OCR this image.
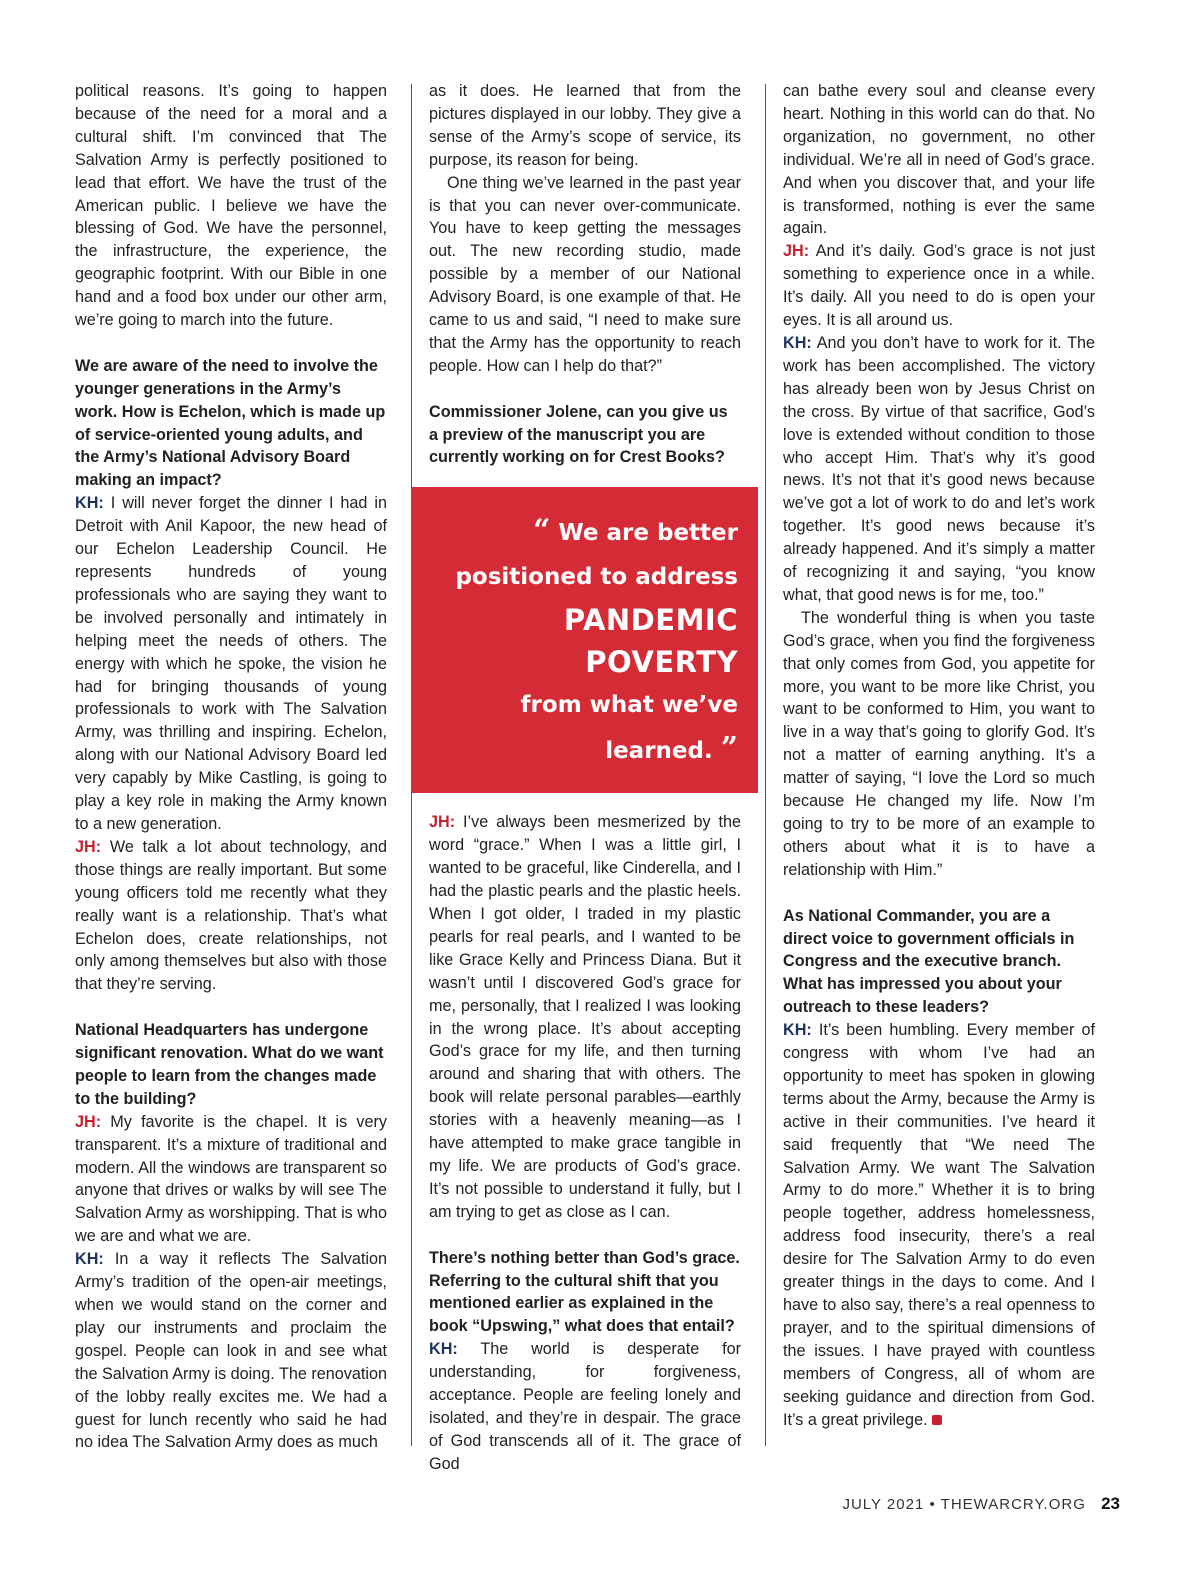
political reasons. It’s going to happen because of the need for a moral and a cultural shift. I’m convinced that The Salvation Army is perfectly positioned to lead that effort. We have the trust of the American public. I believe we have the blessing of God. We have the personnel, the infrastructure, the experience, the geographic footprint. With our Bible in one hand and a food box under our other arm, we’re going to march into the future.

We are aware of the need to involve the younger generations in the Army’s work. How is Echelon, which is made up of service-oriented young adults, and the Army’s National Advisory Board making an impact?

KH: I will never forget the dinner I had in Detroit with Anil Kapoor, the new head of our Echelon Leadership Council. He represents hundreds of young professionals who are saying they want to be involved personally and intimately in helping meet the needs of others. The energy with which he spoke, the vision he had for bringing thousands of young professionals to work with The Salvation Army, was thrilling and inspiring. Echelon, along with our National Advisory Board led very capably by Mike Castling, is going to play a key role in making the Army known to a new generation.

JH: We talk a lot about technology, and those things are really important. But some young officers told me recently what they really want is a relationship. That’s what Echelon does, create relationships, not only among themselves but also with those that they’re serving.

National Headquarters has undergone significant renovation. What do we want people to learn from the changes made to the building?

JH: My favorite is the chapel. It is very transparent. It’s a mixture of traditional and modern. All the windows are transparent so anyone that drives or walks by will see The Salvation Army as worshipping. That is who we are and what we are.

KH: In a way it reflects The Salvation Army’s tradition of the open-air meetings, when we would stand on the corner and play our instruments and proclaim the gospel. People can look in and see what the Salvation Army is doing. The renovation of the lobby really excites me. We had a guest for lunch recently who said he had no idea The Salvation Army does as much

as it does. He learned that from the pictures displayed in our lobby. They give a sense of the Army’s scope of service, its purpose, its reason for being.

One thing we’ve learned in the past year is that you can never over-communicate. You have to keep getting the messages out. The new recording studio, made possible by a member of our National Advisory Board, is one example of that. He came to us and said, “I need to make sure that the Army has the opportunity to reach people. How can I help do that?”

Commissioner Jolene, can you give us a preview of the manuscript you are currently working on for Crest Books?

“ We are better
positioned to address
PANDEMIC POVERTY
from what we’ve
learned. ”

JH: I’ve always been mesmerized by the word “grace.” When I was a little girl, I wanted to be graceful, like Cinderella, and I had the plastic pearls and the plastic heels. When I got older, I traded in my plastic pearls for real pearls, and I wanted to be like Grace Kelly and Princess Diana. But it wasn’t until I discovered God’s grace for me, personally, that I realized I was looking in the wrong place. It’s about accepting God’s grace for my life, and then turning around and sharing that with others. The book will relate personal parables—earthly stories with a heavenly meaning—as I have attempted to make grace tangible in my life. We are products of God’s grace. It’s not possible to understand it fully, but I am trying to get as close as I can.

There’s nothing better than God’s grace. Referring to the cultural shift that you mentioned earlier as explained in the book “Upswing,” what does that entail?

KH: The world is desperate for understanding, for forgiveness, acceptance. People are feeling lonely and isolated, and they’re in despair. The grace of God transcends all of it. The grace of God

can bathe every soul and cleanse every heart. Nothing in this world can do that. No organization, no government, no other individual. We’re all in need of God’s grace. And when you discover that, and your life is transformed, nothing is ever the same again.

JH: And it’s daily. God’s grace is not just something to experience once in a while. It’s daily. All you need to do is open your eyes. It is all around us.

KH: And you don’t have to work for it. The work has been accomplished. The victory has already been won by Jesus Christ on the cross. By virtue of that sacrifice, God’s love is extended without condition to those who accept Him. That’s why it’s good news. It’s not that it’s good news because we’ve got a lot of work to do and let’s work together. It’s good news because it’s already happened. And it’s simply a matter of recognizing it and saying, “you know what, that good news is for me, too.”

The wonderful thing is when you taste God’s grace, when you find the forgiveness that only comes from God, you appetite for more, you want to be more like Christ, you want to be conformed to Him, you want to live in a way that’s going to glorify God. It’s not a matter of earning anything. It’s a matter of saying, “I love the Lord so much because He changed my life. Now I’m going to try to be more of an example to others about what it is to have a relationship with Him.”

As National Commander, you are a direct voice to government officials in Congress and the executive branch. What has impressed you about your outreach to these leaders?

KH: It’s been humbling. Every member of congress with whom I’ve had an opportunity to meet has spoken in glowing terms about the Army, because the Army is active in their communities. I’ve heard it said frequently that “We need The Salvation Army. We want The Salvation Army to do more.” Whether it is to bring people together, address homelessness, address food insecurity, there’s a real desire for The Salvation Army to do even greater things in the days to come. And I have to also say, there’s a real openness to prayer, and to the spiritual dimensions of the issues. I have prayed with countless members of Congress, all of whom are seeking guidance and direction from God. It’s a great privilege.

JULY 2021 • THEWARCRY.ORG 23
